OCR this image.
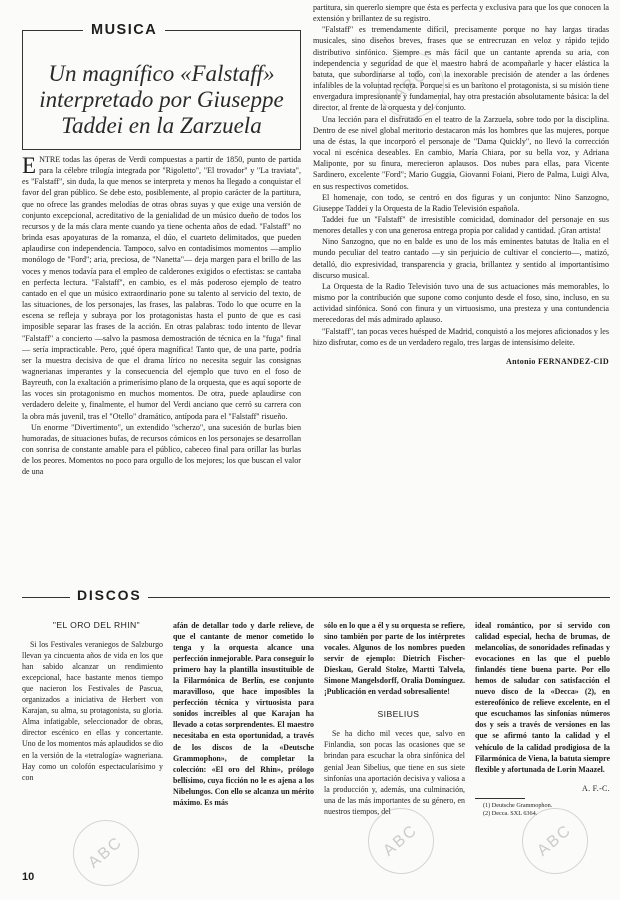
MUSICA
Un magnífico «Falstaff» interpretado por Giuseppe Taddei en la Zarzuela

ENTRE todas las óperas de Verdi compuestas a partir de 1850, punto de partida para la célebre trilogía integrada por "Rigoletto", "El trovador" y "La traviata", es "Falstaff", sin duda, la que menos se interpreta y menos ha llegado a conquistar el favor del gran público. Se debe esto, posiblemente, al propio carácter de la partitura, que no ofrece las grandes melodías de otras obras suyas y que exige una versión de conjunto excepcional, acreditativo de la genialidad de un músico dueño de todos los recursos y de la más clara mente cuando ya tiene ochenta años de edad. "Falstaff" no brinda esas apoyaturas de la romanza, el dúo, el cuarteto delimitados, que pueden aplaudirse con independencia. Tampoco, salvo en contadísimos momentos —amplio monólogo de "Ford"; aria, preciosa, de "Nanetta"— deja margen para el brillo de las voces y menos todavía para el empleo de calderones exigidos o efectistas: se cantaba en perfecta lectura. "Falstaff", en cambio, es el más poderoso ejemplo de teatro cantado en el que un músico extraordinario pone su talento al servicio del texto, de las situaciones, de los personajes, las frases, las palabras. Todo lo que ocurre en la escena se refleja y subraya por los protagonistas hasta el punto de que es casi imposible separar las frases de la acción. En otras palabras: todo intento de llevar "Falstaff" a concierto —salvo la pasmosa demostración de técnica en la "fuga" final— sería impracticable. Pero, ¡qué ópera magnífica! Tanto que, de una parte, podría ser la muestra decisiva de que el drama lírico no necesita seguir las consignas wagnerianas imperantes y la consecuencia del ejemplo que tuvo en el foso de Bayreuth, con la exaltación a primerísimo plano de la orquesta, que es aquí soporte de las voces sin protagonismo en muchos momentos. De otra, puede aplaudirse con verdadero deleite y, finalmente, el humor del Verdi anciano que cerró su carrera con la obra más juvenil, tras el "Otello" dramático, antípoda para el "Falstaff" risueño.

Un enorme "Divertimento", un extendido "scherzo", una sucesión de burlas bien humoradas, de situaciones bufas, de recursos cómicos en los personajes se desarrollan con sonrisa de constante amable para el público, cabeceo final para orillar las burlas de los peores. Momentos no poco para orgullo de los mejores; los que buscan el valor de una

partitura, sin quererlo siempre que ésta es perfecta y exclusiva para que los que conocen la extensión y brillantez de su registro.

"Falstaff" es tremendamente difícil, precisamente porque no hay largas tiradas musicales, sino diseños breves, frases que se entrecruzan en veloz y rápido tejido distributivo sinfónico. Siempre es más fácil que un cantante aprenda su aria, con independencia y seguridad de que el maestro habrá de acompañarle y hacer elástica la batuta, que subordinarse al todo, con la inexorable precisión de atender a las órdenes infalibles de la voluntad rectora. Porque si es un barítono el protagonista, si su misión tiene envergadura impresionante y fundamental, hay otra prestación absolutamente básica: la del director, al frente de la orquesta y del conjunto.

Una lección para el disfrutado en el teatro de la Zarzuela, sobre todo por la disciplina. Dentro de ese nivel global meritorio destacaron más los hombres que las mujeres, porque una de éstas, la que incorporó el personaje de "Dama Quickly", no llevó la corrección vocal ni escénica deseables. En cambio, María Chiara, por su bella voz, y Adriana Maliponte, por su finura, merecieron aplausos. Dos nubes para ellas, para Vicente Sardinero, excelente "Ford"; Mario Guggia, Giovanni Foiani, Piero de Palma, Luigi Alva, en sus respectivos cometidos.

El homenaje, con todo, se centró en dos figuras y un conjunto: Nino Sanzogno, Giuseppe Taddei y la Orquesta de la Radio Televisión española.

Taddei fue un "Falstaff" de irresistible comicidad, dominador del personaje en sus menores detalles y con una generosa entrega propia por calidad y cantidad. ¡Gran artista!

Nino Sanzogno, que no en balde es uno de los más eminentes batutas de Italia en el mundo peculiar del teatro cantado —y sin perjuicio de cultivar el concierto—, matizó, detalló, dio expresividad, transparencia y gracia, brillantez y sentido al importantísimo discurso musical.

La Orquesta de la Radio Televisión tuvo una de sus actuaciones más memorables, lo mismo por la contribución que supone como conjunto desde el foso, sino, incluso, en su actividad sinfónica. Sonó con finura y un virtuosismo, una presteza y una contundencia merecedoras del más admirado aplauso.

"Falstaff", tan pocas veces huésped de Madrid, conquistó a los mejores aficionados y les hizo disfrutar, como es de un verdadero regalo, tres largas de intensísimo deleite.

Antonio FERNANDEZ-CID

DISCOS

"EL ORO DEL RHIN"

Si los Festivales veraniegos de Salzburgo llevan ya cincuenta años de vida en los que han sabido alcanzar un rendimiento excepcional, hace bastante menos tiempo que nacieron los Festivales de Pascua, organizados a iniciativa de Herbert von Karajan, su alma, su protagonista, su gloria. Alma infatigable, seleccionador de obras, director escénico en ellas y concertante. Uno de los momentos más aplaudidos se dio en la versión de la «tetralogía» wagneriana. Hay como un colofón espectacularísimo y con

afán de detallar todo y darle relieve, de que el cantante de menor cometido lo tenga y la orquesta alcance una perfección inmejorable. Para conseguir lo primero hay la plantilla insustituible de la Filarmónica de Berlín, ese conjunto maravilloso, que hace imposibles la perfección técnica y virtuosista para sonidos increíbles al que Karajan ha llevado a cotas sorprendentes. El maestro necesitaba en esta oportunidad, a través de los discos de la «Deutsche Grammophon», de completar la colección: «El oro del Rhin», prólogo bellísimo, cuya ficción no le es ajena a los Nibelungos. Con ello se alcanza un mérito máximo. Es más

sólo en lo que a él y su orquesta se refiere, sino también por parte de los intérpretes vocales. Algunos de los nombres pueden servir de ejemplo: Dietrich Fischer-Dieskau, Gerald Stolze, Martti Talvela, Simone Mangelsdorff, Oralia Domínguez. ¡Publicación en verdad sobresaliente!

SIBELIUS

Se ha dicho mil veces que, salvo en Finlandia, son pocas las ocasiones que se brindan para escuchar la obra sinfónica del genial Jean Sibelius, que tiene en sus siete sinfonías una aportación decisiva y valiosa a la producción y, además, una culminación, una de las más importantes de su género, en nuestros tiempos, del

ideal romántico, por si servido con calidad especial, hecha de brumas, de melancolías, de sonoridades refinadas y evocaciones en las que el pueblo finlandés tiene buena parte. Por ello hemos de saludar con satisfacción el nuevo disco de la «Decca» (2), en estereofónico de relieve excelente, en el que escuchamos las sinfonías números dos y seis a través de versiones en las que se afirmó tanto la calidad y el vehículo de la calidad prodigiosa de la Filarmónica de Viena, la batuta siempre flexible y afortunada de Lorin Maazel.

A. F.-C.

(1) Deutsche Grammophon.

(2) Decca. SXL 6364.

10
ABC
ABC	ABC	ABC
